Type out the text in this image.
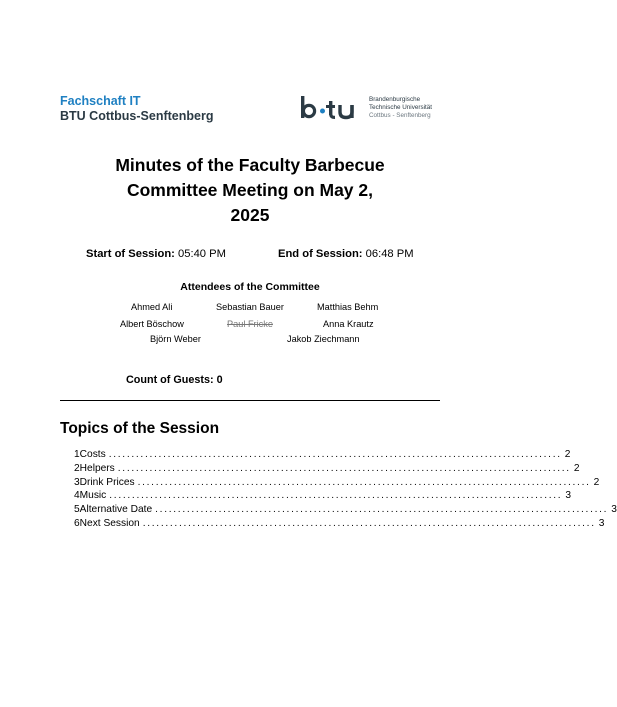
Fachschaft IT
BTU Cottbus-Senftenberg
Brandenburgische
Technische Universität
Cottbus - Senftenberg
Minutes of the Faculty Barbecue
Committee Meeting on May 2,
2025
Start of Session: 05:40 PM	End of Session: 06:48 PM
Attendees of the Committee
Ahmed Ali	Sebastian Bauer	Matthias Behm
Albert Böschow	Paul Fricke	Anna Krautz
Björn Weber	Jakob Ziechmann
Count of Guests: 0
Topics of the Session
1 Costs .................................................................................................... 2
2 Helpers .................................................................................................... 2
3 Drink Prices .................................................................................................... 2
4 Music .................................................................................................... 3
5 Alternative Date .................................................................................................... 3
6 Next Session .................................................................................................... 3
